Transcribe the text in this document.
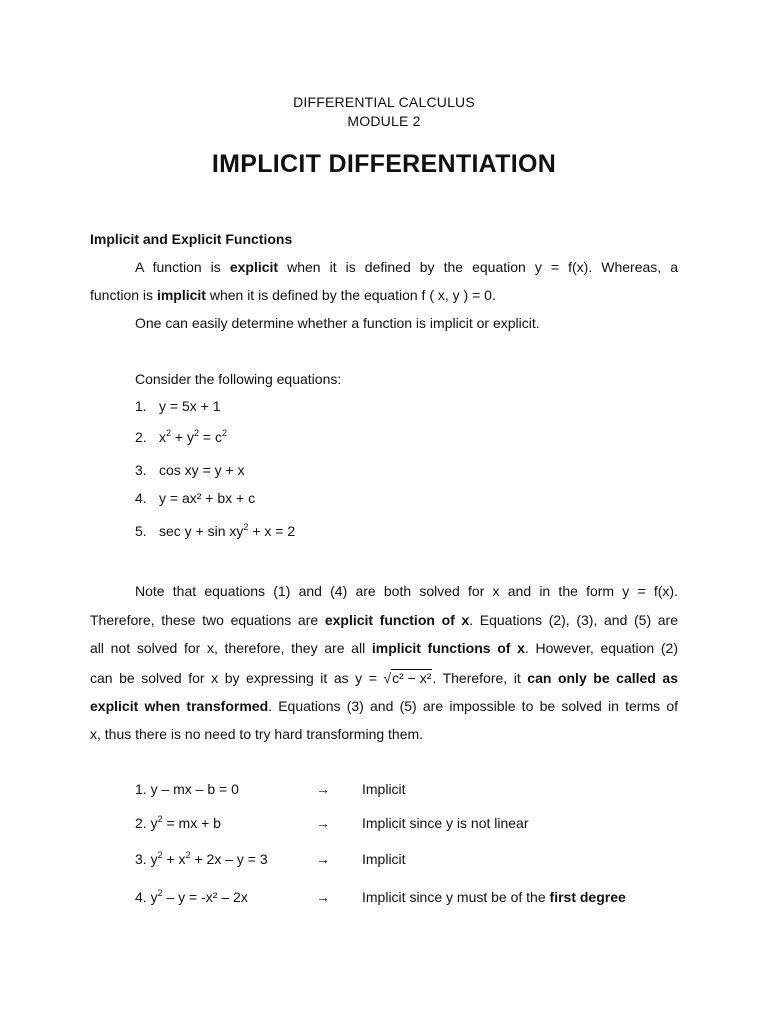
DIFFERENTIAL CALCULUS
MODULE 2
IMPLICIT DIFFERENTIATION
Implicit and Explicit Functions
A function is explicit when it is defined by the equation y = f(x). Whereas, a
function is implicit when it is defined by the equation f ( x, y ) = 0.
One can easily determine whether a function is implicit or explicit.
Consider the following equations:
1. y = 5x + 1
2. $x^2 + y^2 = c^2$
3. cos xy = y + x
4. y = ax² + bx + c
5. $\sec y + \sin xy^2 + x = 2$
Note that equations (1) and (4) are both solved for x and in the form y = f(x).
Therefore, these two equations are explicit function of x. Equations (2), (3), and (5) are
all not solved for x, therefore, they are all implicit functions of x. However, equation (2)
can be solved for x by expressing it as y = √c² − x². Therefore, it can only be called as
explicit when transformed. Equations (3) and (5) are impossible to be solved in terms of
x, thus there is no need to try hard transforming them.
1. y – mx – b = 0	→ Implicit
2. $y^2$ = mx + b	→ Implicit since y is not linear
3. $y^2 + x^2 + 2x - y = 3$	→ Implicit
4. $y^2 - y = -x^2 - 2x$	→ Implicit since y must be of the first degree
